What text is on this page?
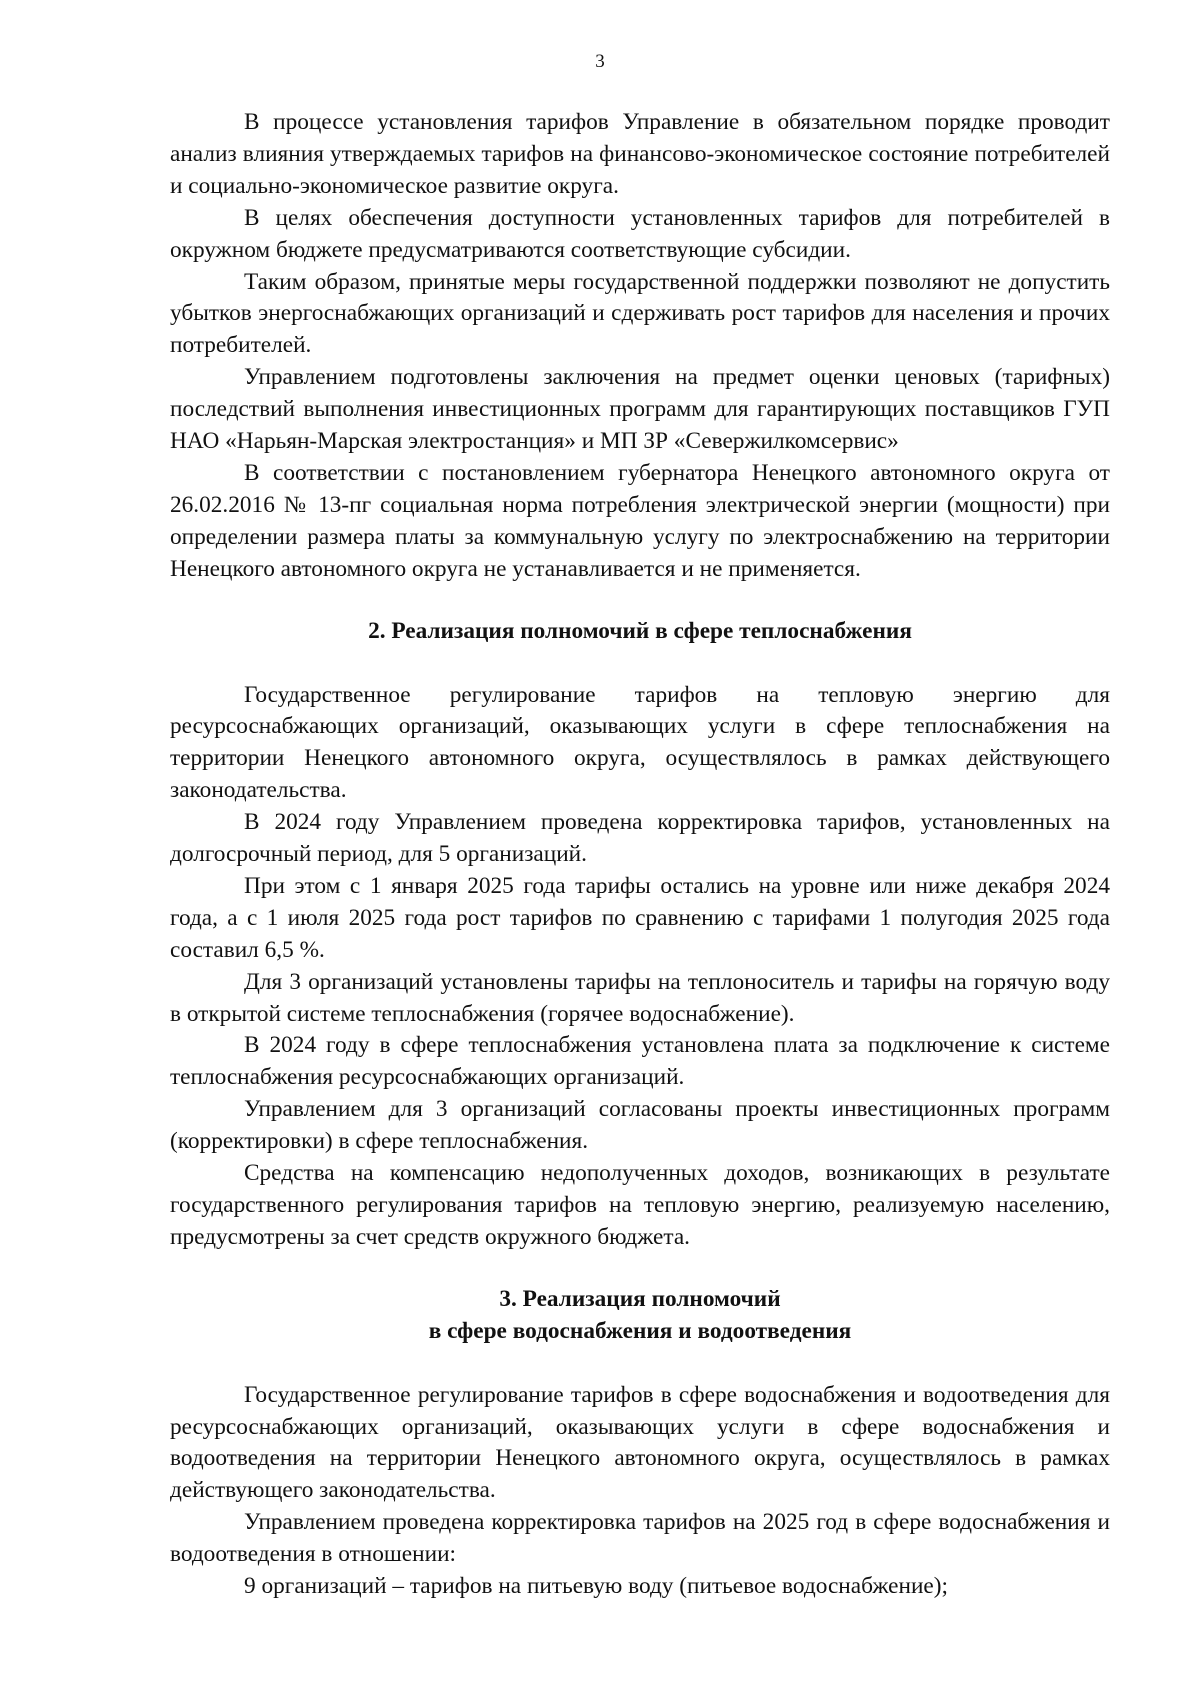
3

В процессе установления тарифов Управление в обязательном порядке проводит анализ влияния утверждаемых тарифов на финансово-экономическое состояние потребителей и социально-экономическое развитие округа.

В целях обеспечения доступности установленных тарифов для потребителей в окружном бюджете предусматриваются соответствующие субсидии.

Таким образом, принятые меры государственной поддержки позволяют не допустить убытков энергоснабжающих организаций и сдерживать рост тарифов для населения и прочих потребителей.

Управлением подготовлены заключения на предмет оценки ценовых (тарифных) последствий выполнения инвестиционных программ для гарантирующих поставщиков ГУП НАО «Нарьян-Марская электростанция» и МП ЗР «Севержилкомсервис»

В соответствии с постановлением губернатора Ненецкого автономного округа от 26.02.2016 № 13-пг социальная норма потребления электрической энергии (мощности) при определении размера платы за коммунальную услугу по электроснабжению на территории Ненецкого автономного округа не устанавливается и не применяется.

2. Реализация полномочий в сфере теплоснабжения

Государственное регулирование тарифов на тепловую энергию для ресурсоснабжающих организаций, оказывающих услуги в сфере теплоснабжения на территории Ненецкого автономного округа, осуществлялось в рамках действующего законодательства.

В 2024 году Управлением проведена корректировка тарифов, установленных на долгосрочный период, для 5 организаций.

При этом с 1 января 2025 года тарифы остались на уровне или ниже декабря 2024 года, а с 1 июля 2025 года рост тарифов по сравнению с тарифами 1 полугодия 2025 года составил 6,5 %.

Для 3 организаций установлены тарифы на теплоноситель и тарифы на горячую воду в открытой системе теплоснабжения (горячее водоснабжение).

В 2024 году в сфере теплоснабжения установлена плата за подключение к системе теплоснабжения ресурсоснабжающих организаций.

Управлением для 3 организаций согласованы проекты инвестиционных программ (корректировки) в сфере теплоснабжения.

Средства на компенсацию недополученных доходов, возникающих в результате государственного регулирования тарифов на тепловую энергию, реализуемую населению, предусмотрены за счет средств окружного бюджета.

3. Реализация полномочий
в сфере водоснабжения и водоотведения

Государственное регулирование тарифов в сфере водоснабжения и водоотведения для ресурсоснабжающих организаций, оказывающих услуги в сфере водоснабжения и водоотведения на территории Ненецкого автономного округа, осуществлялось в рамках действующего законодательства.

Управлением проведена корректировка тарифов на 2025 год в сфере водоснабжения и водоотведения в отношении:

9 организаций – тарифов на питьевую воду (питьевое водоснабжение);
